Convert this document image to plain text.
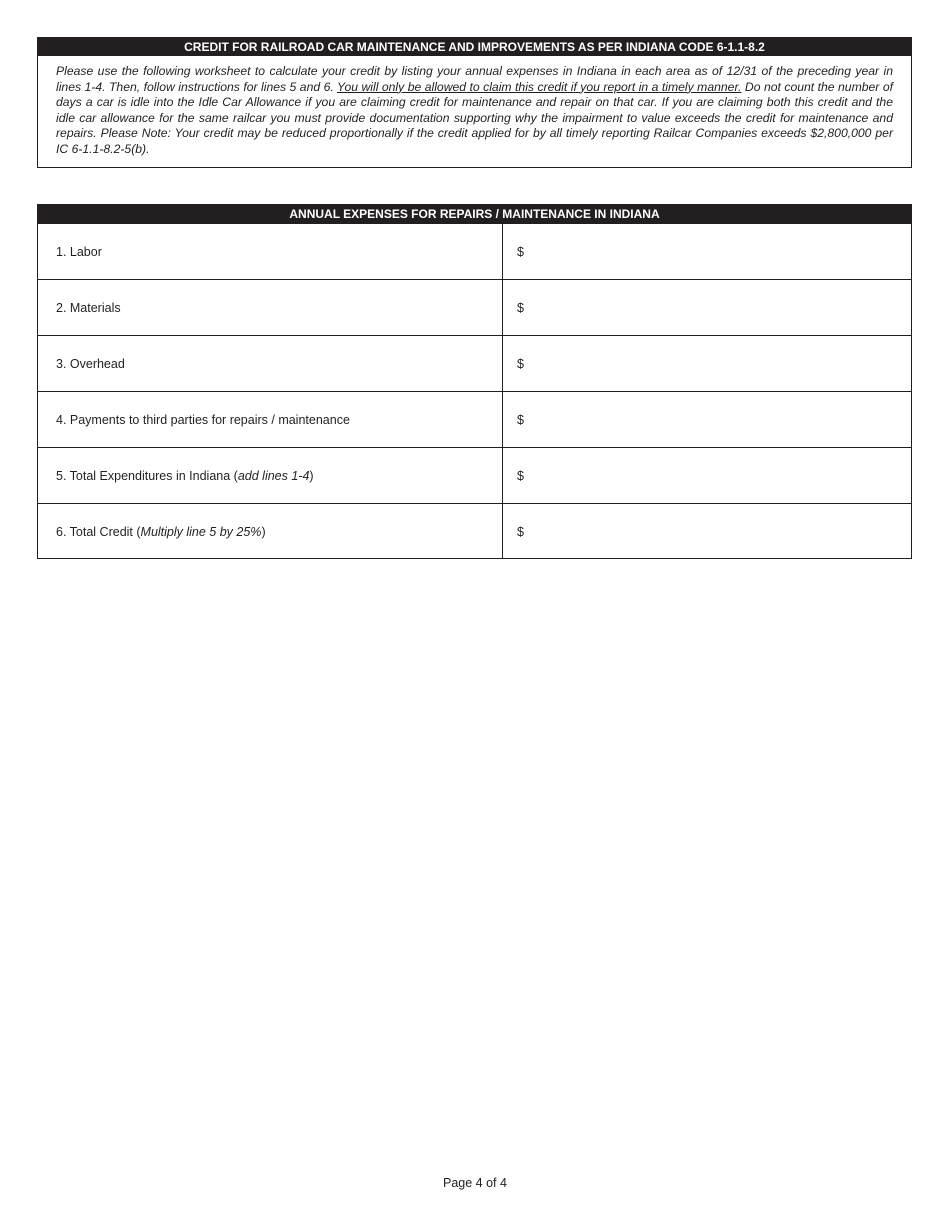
CREDIT FOR RAILROAD CAR MAINTENANCE AND IMPROVEMENTS AS PER INDIANA CODE 6-1.1-8.2
Please use the following worksheet to calculate your credit by listing your annual expenses in Indiana in each area as of 12/31 of the preceding year in lines 1-4. Then, follow instructions for lines 5 and 6. You will only be allowed to claim this credit if you report in a timely manner. Do not count the number of days a car is idle into the Idle Car Allowance if you are claiming credit for maintenance and repair on that car. If you are claiming both this credit and the idle car allowance for the same railcar you must provide documentation supporting why the impairment to value exceeds the credit for maintenance and repairs. Please Note: Your credit may be reduced proportionally if the credit applied for by all timely reporting Railcar Companies exceeds $2,800,000 per IC 6-1.1-8.2-5(b).
ANNUAL EXPENSES FOR REPAIRS / MAINTENANCE IN INDIANA
1. Labor	$
2. Materials	$
3. Overhead	$
4. Payments to third parties for repairs / maintenance	$
5. Total Expenditures in Indiana ( add lines 1-4 )	$
6. Total Credit ( Multiply line 5 by 25% )	$
Page 4 of 4
